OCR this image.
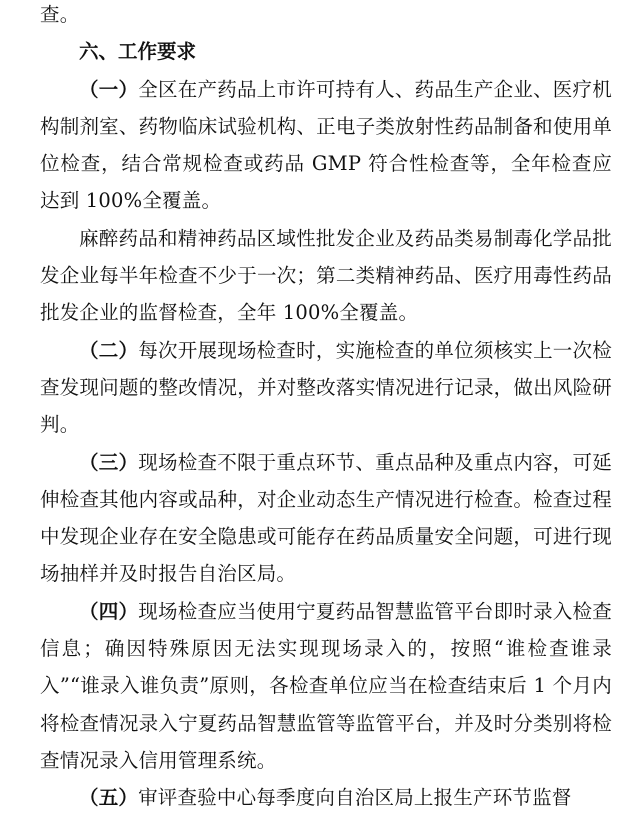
查。

六、工作要求

（一）全区在产药品上市许可持有人、药品生产企业、医疗机构制剂室、药物临床试验机构、正电子类放射性药品制备和使用单位检查，结合常规检查或药品 GMP 符合性检查等，全年检查应达到 100%全覆盖。

麻醉药品和精神药品区域性批发企业及药品类易制毒化学品批发企业每半年检查不少于一次；第二类精神药品、医疗用毒性药品批发企业的监督检查，全年 100%全覆盖。

（二）每次开展现场检查时，实施检查的单位须核实上一次检查发现问题的整改情况，并对整改落实情况进行记录，做出风险研判。

（三）现场检查不限于重点环节、重点品种及重点内容，可延伸检查其他内容或品种，对企业动态生产情况进行检查。检查过程中发现企业存在安全隐患或可能存在药品质量安全问题，可进行现场抽样并及时报告自治区局。

（四）现场检查应当使用宁夏药品智慧监管平台即时录入检查信息；确因特殊原因无法实现现场录入的，按照“谁检查谁录入”“谁录入谁负责”原则，各检查单位应当在检查结束后 1 个月内将检查情况录入宁夏药品智慧监管等监管平台，并及时分类别将检查情况录入信用管理系统。

（五）审评查验中心每季度向自治区局上报生产环节监督
